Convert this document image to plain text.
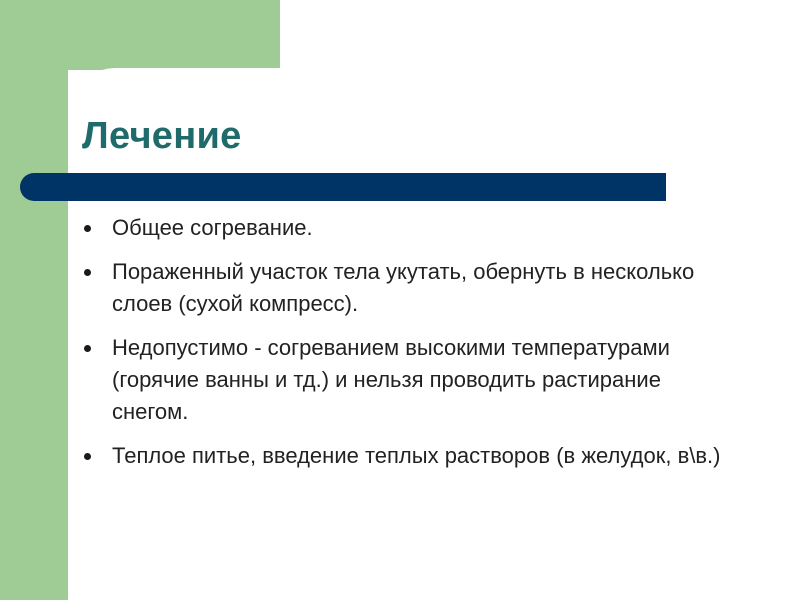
Лечение
Общее согревание.
Пораженный участок тела укутать, обернуть в несколько слоев (сухой компресс).
Недопустимо - согреванием высокими температурами (горячие ванны и тд.) и нельзя проводить растирание снегом.
Теплое питье, введение теплых растворов (в желудок, в\в.)
